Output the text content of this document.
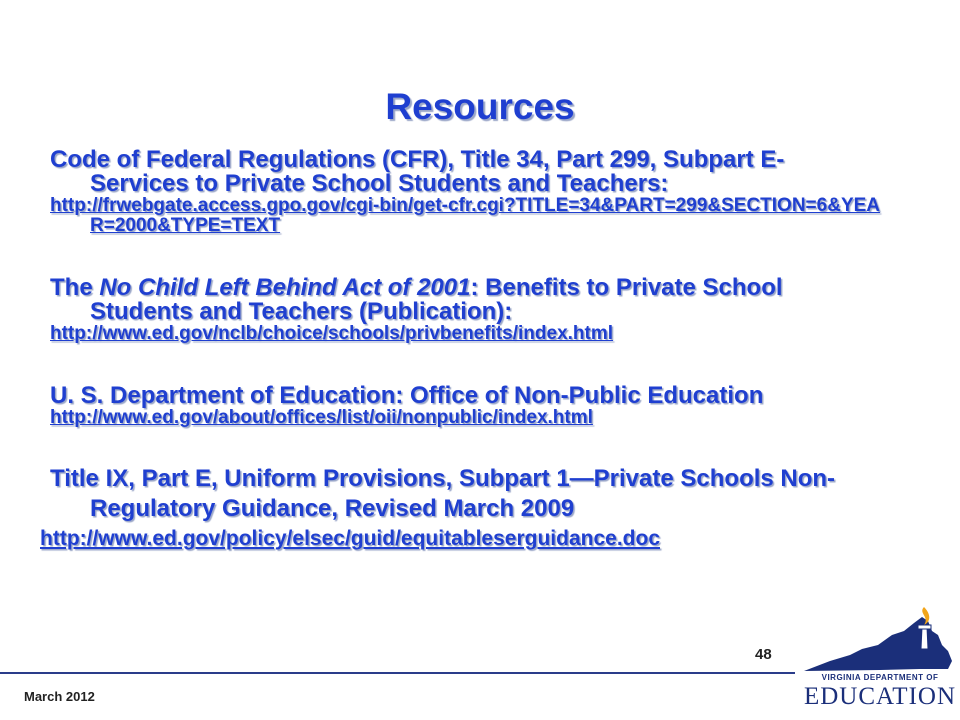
Resources
Code of Federal Regulations (CFR), Title 34, Part 299, Subpart E- Services to Private School Students and Teachers:
http://frwebgate.access.gpo.gov/cgi-bin/get-cfr.cgi?TITLE=34&PART=299&SECTION=6&YEAR=2000&TYPE=TEXT
The No Child Left Behind Act of 2001: Benefits to Private School Students and Teachers (Publication):
http://www.ed.gov/nclb/choice/schools/privbenefits/index.html
U. S. Department of Education: Office of Non-Public Education
http://www.ed.gov/about/offices/list/oii/nonpublic/index.html
Title IX, Part E, Uniform Provisions, Subpart 1—Private Schools Non-Regulatory Guidance, Revised March 2009
http://www.ed.gov/policy/elsec/guid/equitableserguidance.doc
48
March 2012
VIRGINIA DEPARTMENT OF
EDUCATION
